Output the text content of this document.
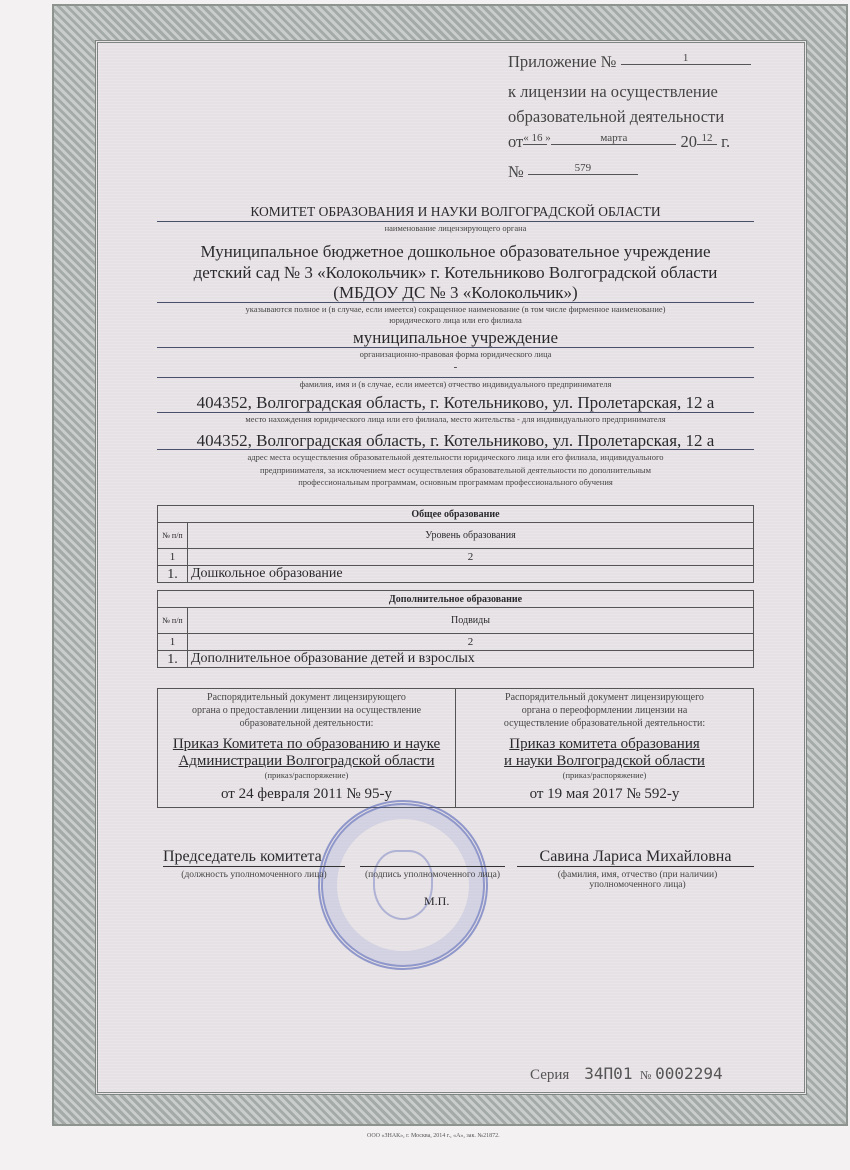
Приложение №	1
к лицензии на осуществление
образовательной деятельности
от« 16 »	марта	20 12 г.
№	579
КОМИТЕТ ОБРАЗОВАНИЯ И НАУКИ ВОЛГОГРАДСКОЙ ОБЛАСТИ
наименование лицензирующего органа
Муниципальное бюджетное дошкольное образовательное учреждение
детский сад № 3 «Колокольчик» г. Котельниково Волгоградской области
(МБДОУ ДС № 3 «Колокольчик»)
указываются полное и (в случае, если имеется) сокращенное наименование (в том числе фирменное наименование)
юридического лица или его филиала
муниципальное учреждение
организационно-правовая форма юридического лица
-
фамилия, имя и (в случае, если имеется) отчество индивидуального предпринимателя
404352, Волгоградская область, г. Котельниково, ул. Пролетарская, 12 а
место нахождения юридического лица или его филиала, место жительства - для индивидуального предпринимателя
404352, Волгоградская область, г. Котельниково, ул. Пролетарская, 12 а
адрес места осуществления образовательной деятельности юридического лица или его филиала, индивидуального
предпринимателя, за исключением мест осуществления образовательной деятельности по дополнительным
профессиональным программам, основным программам профессионального обучения
Общее образование	
№ п/п	Уровень образования
1	2
1.	Дошкольное образование
Дополнительное образование	
№ п/п	Подвиды
1	2
1.	Дополнительное образование детей и взрослых
Распорядительный документ лицензирующего
органа о предоставлении лицензии на осуществление
образовательной деятельности:
Приказ Комитета по образованию и науке
Администрации Волгоградской области
(приказ/распоряжение)
от 24 февраля 2011 № 95-у
Распорядительный документ лицензирующего
органа о переоформлении лицензии на
осуществление образовательной деятельности:
Приказ комитета образования
и науки Волгоградской области
(приказ/распоряжение)
от 19 мая 2017 № 592-у
Председатель комитета
(должность уполномоченного лица)	(подпись уполномоченного лица)
М.П.
Савина Лариса Михайловна
(фамилия, имя, отчество (при наличии) уполномоченного лица)
Серия 34П01 № 0002294
ООО «ЗНАК», г. Москва, 2014 г., «А», зак. №21872.
